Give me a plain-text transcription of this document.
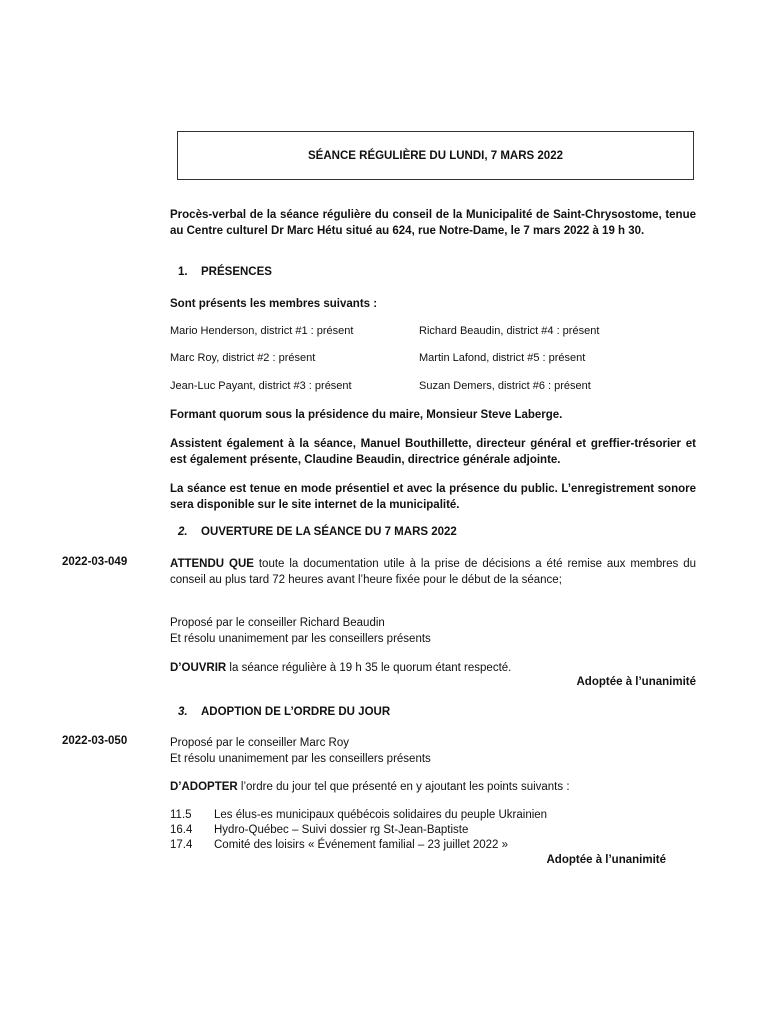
SÉANCE RÉGULIÈRE DU LUNDI, 7 MARS 2022
Procès-verbal de la séance régulière du conseil de la Municipalité de Saint-Chrysostome, tenue au Centre culturel Dr Marc Hétu situé au 624, rue Notre-Dame, le 7 mars 2022 à 19 h 30.
1. PRÉSENCES
Sont présents les membres suivants :
Mario Henderson, district #1 : présent	Richard Beaudin, district #4 : présent
Marc Roy, district #2 : présent	Martin Lafond, district #5 : présent
Jean-Luc Payant, district #3 : présent	Suzan Demers, district #6 : présent
Formant quorum sous la présidence du maire, Monsieur Steve Laberge.
Assistent également à la séance, Manuel Bouthillette, directeur général et greffier-trésorier et est également présente, Claudine Beaudin, directrice générale adjointe.
La séance est tenue en mode présentiel et avec la présence du public. L’enregistrement sonore sera disponible sur le site internet de la municipalité.
2. OUVERTURE DE LA SÉANCE DU 7 MARS 2022
2022-03-049	ATTENDU QUE toute la documentation utile à la prise de décisions a été remise aux membres du conseil au plus tard 72 heures avant l’heure fixée pour le début de la séance;
Proposé par le conseiller Richard Beaudin
Et résolu unanimement par les conseillers présents
D’OUVRIR la séance régulière à 19 h 35 le quorum étant respecté.
Adoptée à l’unanimité
3. ADOPTION DE L’ORDRE DU JOUR
2022-03-050	Proposé par le conseiller Marc Roy
Et résolu unanimement par les conseillers présents
D’ADOPTER l’ordre du jour tel que présenté en y ajoutant les points suivants :
11.5 Les élus-es municipaux québécois solidaires du peuple Ukrainien
16.4 Hydro-Québec – Suivi dossier rg St-Jean-Baptiste
17.4 Comité des loisirs « Événement familial – 23 juillet 2022 »
Adoptée à l’unanimité
